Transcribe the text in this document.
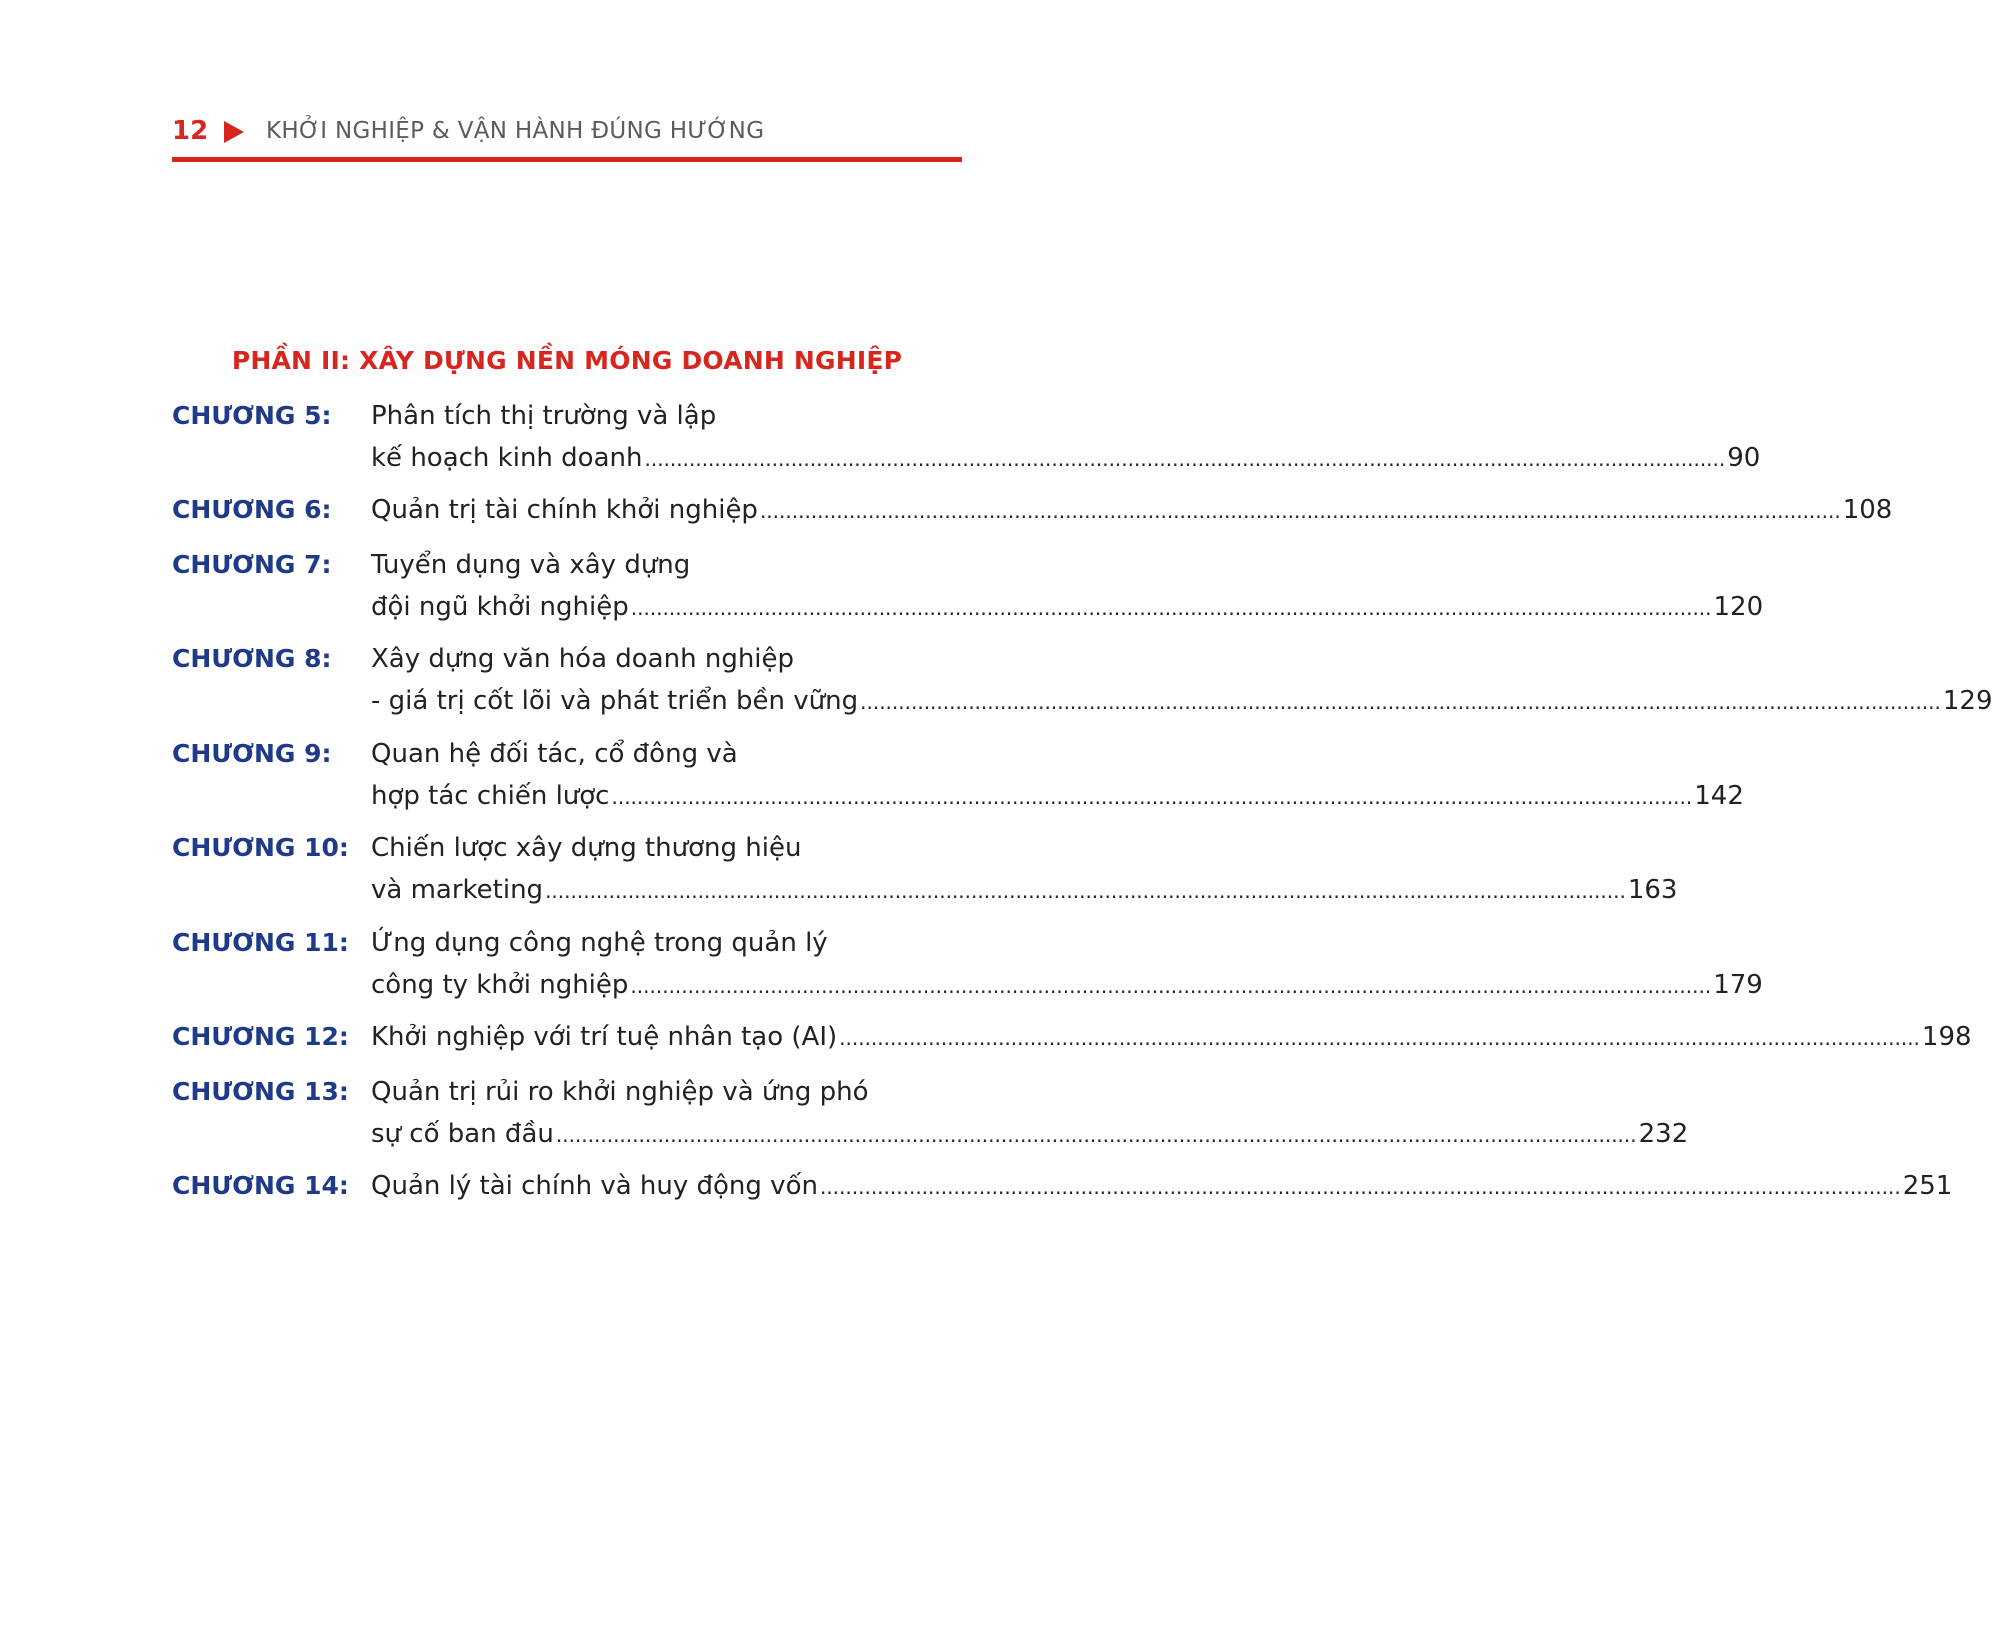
12	KHỞI NGHIỆP & VẬN HÀNH ĐÚNG HƯỚNG
PHẦN II: XÂY DỰNG NỀN MÓNG DOANH NGHIỆP
CHƯƠNG 5: Phân tích thị trường và lập
kế hoạch kinh doanh .......................................................................................................................................................................... 90
CHƯƠNG 6: Quản trị tài chính khởi nghiệp .......................................................................................................................................................................... 108
CHƯƠNG 7: Tuyển dụng và xây dựng
đội ngũ khởi nghiệp .......................................................................................................................................................................... 120
CHƯƠNG 8: Xây dựng văn hóa doanh nghiệp
- giá trị cốt lõi và phát triển bền vững .......................................................................................................................................................................... 129
CHƯƠNG 9: Quan hệ đối tác, cổ đông và
hợp tác chiến lược .......................................................................................................................................................................... 142
CHƯƠNG 10: Chiến lược xây dựng thương hiệu
và marketing .......................................................................................................................................................................... 163
CHƯƠNG 11: Ứng dụng công nghệ trong quản lý
công ty khởi nghiệp .......................................................................................................................................................................... 179
CHƯƠNG 12: Khởi nghiệp với trí tuệ nhân tạo (AI) .......................................................................................................................................................................... 198
CHƯƠNG 13: Quản trị rủi ro khởi nghiệp và ứng phó
sự cố ban đầu .......................................................................................................................................................................... 232
CHƯƠNG 14: Quản lý tài chính và huy động vốn .......................................................................................................................................................................... 251
